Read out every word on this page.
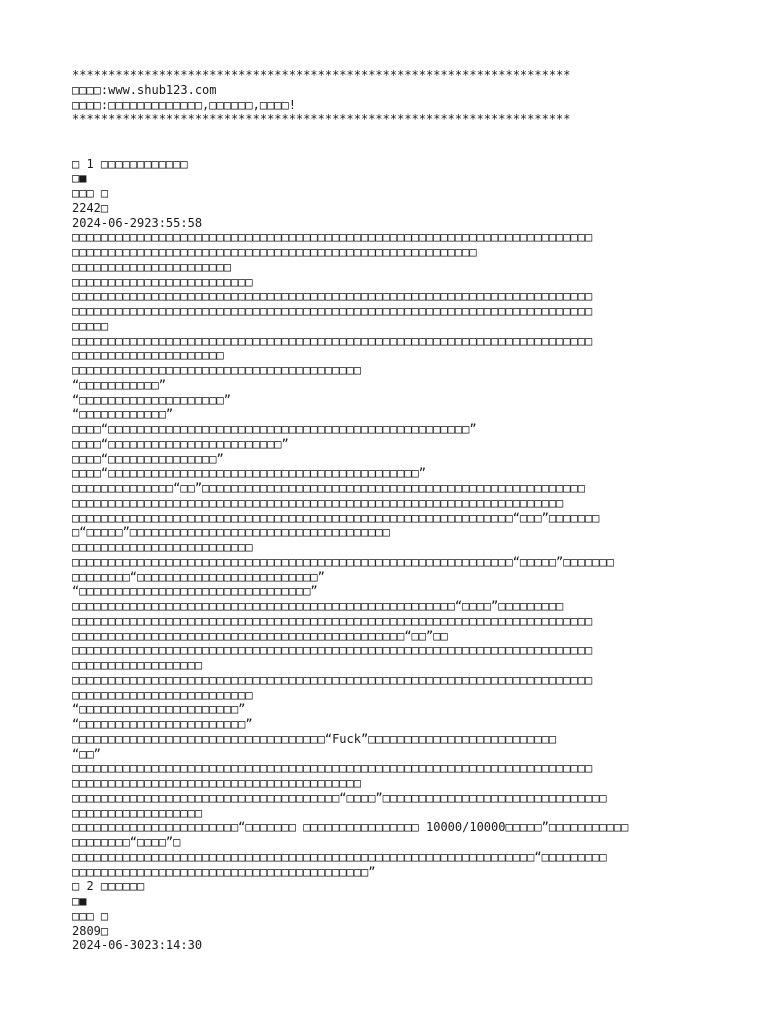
*********************************************************************
□□□□:www.shub123.com
□□□□:□□□□□□□□□□□□□,□□□□□□,□□□□!
*********************************************************************
□ 1 □□□□□□□□□□□□
□■
□□□ □
2242□
2024-06-2923:55:58
□□□□□□□□□□□□□□□□□□□□□□□□□□□□□□□□□□□□□□□□□□□□□□□□□□□□□□□□□□□□□□□□□□□□□□□□
□□□□□□□□□□□□□□□□□□□□□□□□□□□□□□□□□□□□□□□□□□□□□□□□□□□□□□□□
□□□□□□□□□□□□□□□□□□□□□□
□□□□□□□□□□□□□□□□□□□□□□□□□
□□□□□□□□□□□□□□□□□□□□□□□□□□□□□□□□□□□□□□□□□□□□□□□□□□□□□□□□□□□□□□□□□□□□□□□□
□□□□□□□□□□□□□□□□□□□□□□□□□□□□□□□□□□□□□□□□□□□□□□□□□□□□□□□□□□□□□□□□□□□□□□□□
□□□□□
□□□□□□□□□□□□□□□□□□□□□□□□□□□□□□□□□□□□□□□□□□□□□□□□□□□□□□□□□□□□□□□□□□□□□□□□
□□□□□□□□□□□□□□□□□□□□□
□□□□□□□□□□□□□□□□□□□□□□□□□□□□□□□□□□□□□□□□
“□□□□□□□□□□□”
“□□□□□□□□□□□□□□□□□□□□”
“□□□□□□□□□□□□”
□□□□“□□□□□□□□□□□□□□□□□□□□□□□□□□□□□□□□□□□□□□□□□□□□□□□□□□”
□□□□“□□□□□□□□□□□□□□□□□□□□□□□□”
□□□□“□□□□□□□□□□□□□□□”
□□□□“□□□□□□□□□□□□□□□□□□□□□□□□□□□□□□□□□□□□□□□□□□□”
□□□□□□□□□□□□□□“□□”□□□□□□□□□□□□□□□□□□□□□□□□□□□□□□□□□□□□□□□□□□□□□□□□□□□□□
□□□□□□□□□□□□□□□□□□□□□□□□□□□□□□□□□□□□□□□□□□□□□□□□□□□□□□□□□□□□□□□□□□□□
□□□□□□□□□□□□□□□□□□□□□□□□□□□□□□□□□□□□□□□□□□□□□□□□□□□□□□□□□□□□□“□□□”□□□□□□□
□“□□□□□”□□□□□□□□□□□□□□□□□□□□□□□□□□□□□□□□□□□□
□□□□□□□□□□□□□□□□□□□□□□□□□
□□□□□□□□□□□□□□□□□□□□□□□□□□□□□□□□□□□□□□□□□□□□□□□□□□□□□□□□□□□□□“□□□□□”□□□□□□□
□□□□□□□□“□□□□□□□□□□□□□□□□□□□□□□□□□”
“□□□□□□□□□□□□□□□□□□□□□□□□□□□□□□□□”
□□□□□□□□□□□□□□□□□□□□□□□□□□□□□□□□□□□□□□□□□□□□□□□□□□□□□“□□□□”□□□□□□□□□
□□□□□□□□□□□□□□□□□□□□□□□□□□□□□□□□□□□□□□□□□□□□□□□□□□□□□□□□□□□□□□□□□□□□□□□□
□□□□□□□□□□□□□□□□□□□□□□□□□□□□□□□□□□□□□□□□□□□□□□“□□”□□
□□□□□□□□□□□□□□□□□□□□□□□□□□□□□□□□□□□□□□□□□□□□□□□□□□□□□□□□□□□□□□□□□□□□□□□□
□□□□□□□□□□□□□□□□□□
□□□□□□□□□□□□□□□□□□□□□□□□□□□□□□□□□□□□□□□□□□□□□□□□□□□□□□□□□□□□□□□□□□□□□□□□
□□□□□□□□□□□□□□□□□□□□□□□□□
“□□□□□□□□□□□□□□□□□□□□□□”
“□□□□□□□□□□□□□□□□□□□□□□□”
□□□□□□□□□□□□□□□□□□□□□□□□□□□□□□□□□□□“Fuck”□□□□□□□□□□□□□□□□□□□□□□□□□□
“□□”
□□□□□□□□□□□□□□□□□□□□□□□□□□□□□□□□□□□□□□□□□□□□□□□□□□□□□□□□□□□□□□□□□□□□□□□□
□□□□□□□□□□□□□□□□□□□□□□□□□□□□□□□□□□□□□□□□
□□□□□□□□□□□□□□□□□□□□□□□□□□□□□□□□□□□□□“□□□□”□□□□□□□□□□□□□□□□□□□□□□□□□□□□□□□
□□□□□□□□□□□□□□□□□□
□□□□□□□□□□□□□□□□□□□□□□□“□□□□□□□ □□□□□□□□□□□□□□□□ 10000/10000□□□□□”□□□□□□□□□□□
□□□□□□□□“□□□□”□
□□□□□□□□□□□□□□□□□□□□□□□□□□□□□□□□□□□□□□□□□□□□□□□□□□□□□□□□□□□□□□□□“□□□□□□□□□
□□□□□□□□□□□□□□□□□□□□□□□□□□□□□□□□□□□□□□□□□”
□ 2 □□□□□□
□■
□□□ □
2809□
2024-06-3023:14:30
